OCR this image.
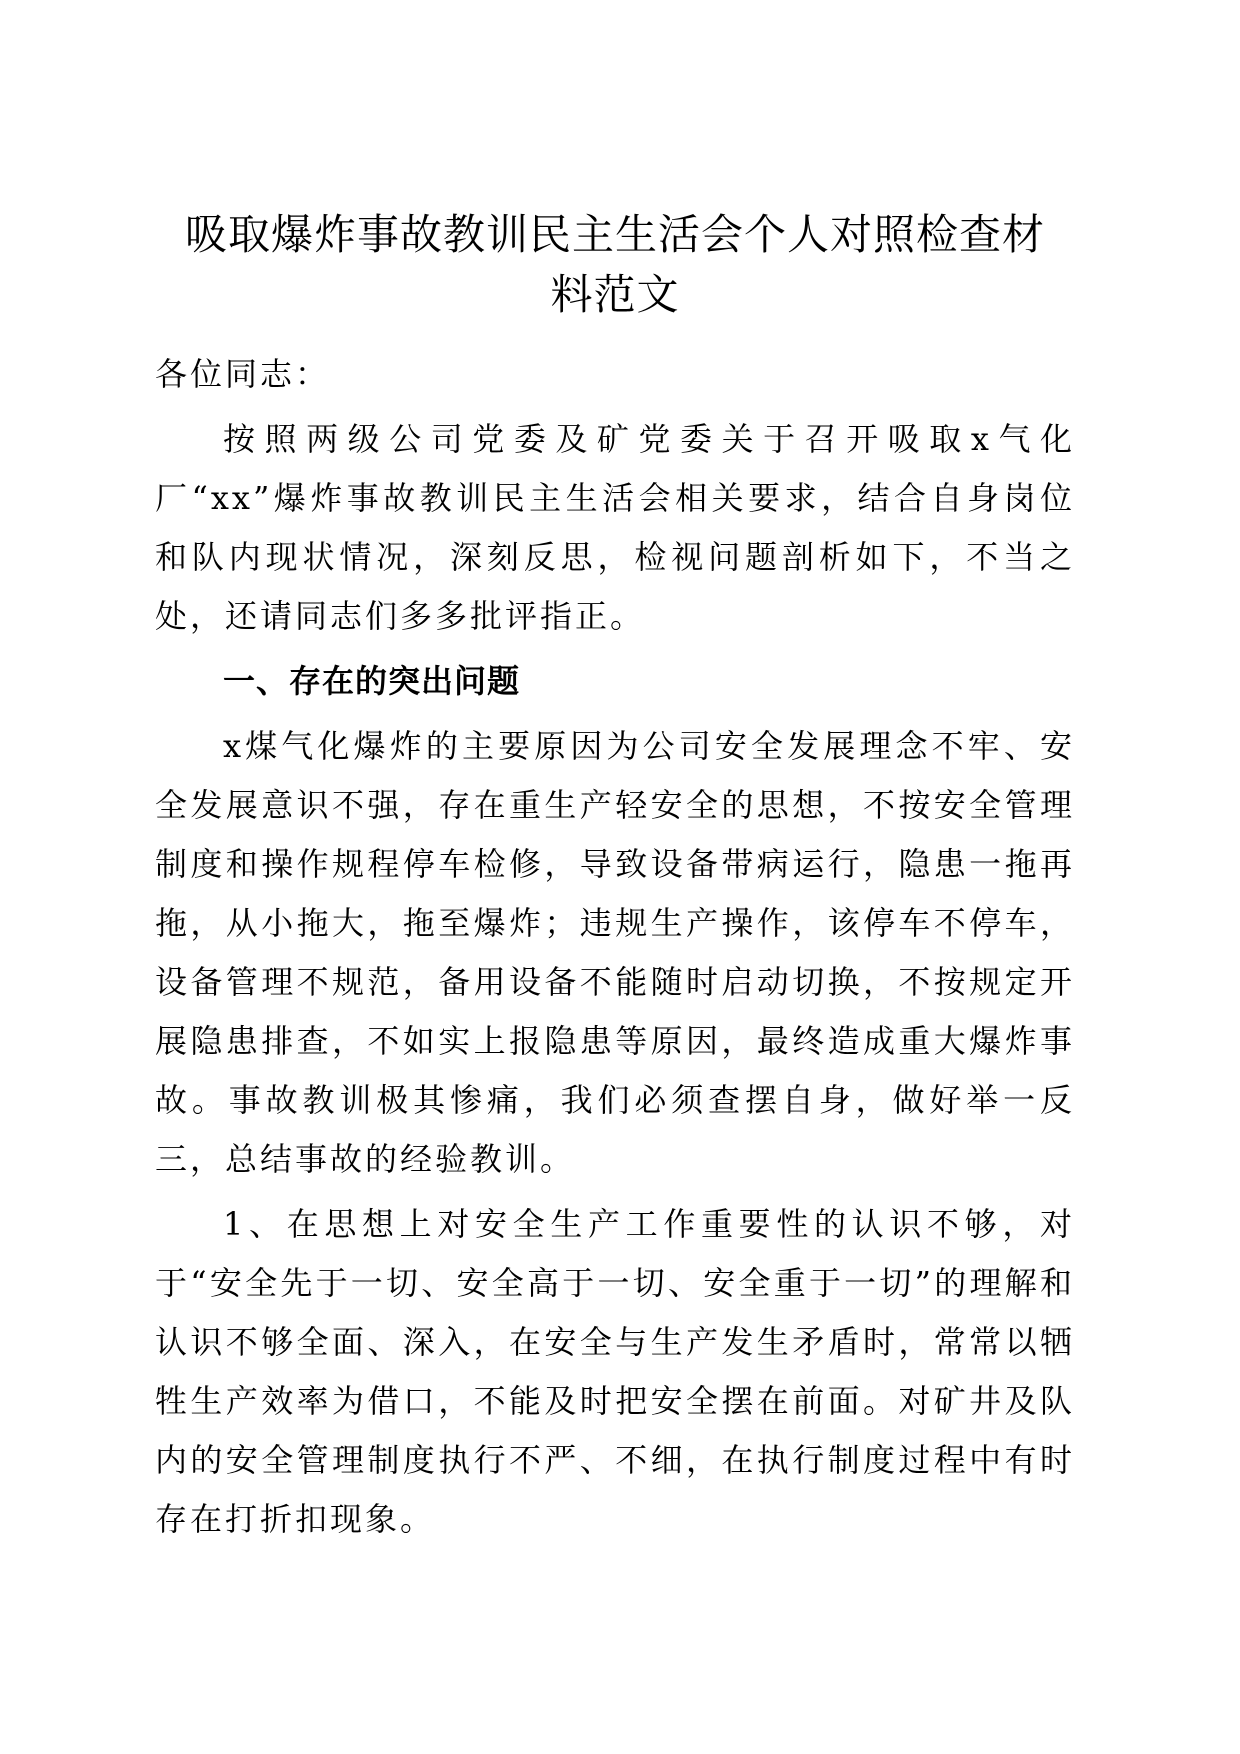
吸取爆炸事故教训民主生活会个人对照检查材
料范文

各位同志：

按照两级公司党委及矿党委关于召开吸取x气化厂“xx”爆炸事故教训民主生活会相关要求，结合自身岗位和队内现状情况，深刻反思，检视问题剖析如下，不当之处，还请同志们多多批评指正。

一、存在的突出问题

x煤气化爆炸的主要原因为公司安全发展理念不牢、安全发展意识不强，存在重生产轻安全的思想，不按安全管理制度和操作规程停车检修，导致设备带病运行，隐患一拖再拖，从小拖大，拖至爆炸；违规生产操作，该停车不停车，设备管理不规范，备用设备不能随时启动切换，不按规定开展隐患排查，不如实上报隐患等原因，最终造成重大爆炸事故。事故教训极其惨痛，我们必须查摆自身，做好举一反三，总结事故的经验教训。

1、在思想上对安全生产工作重要性的认识不够，对于“安全先于一切、安全高于一切、安全重于一切”的理解和认识不够全面、深入，在安全与生产发生矛盾时，常常以牺牲生产效率为借口，不能及时把安全摆在前面。对矿井及队内的安全管理制度执行不严、不细，在执行制度过程中有时存在打折扣现象。
